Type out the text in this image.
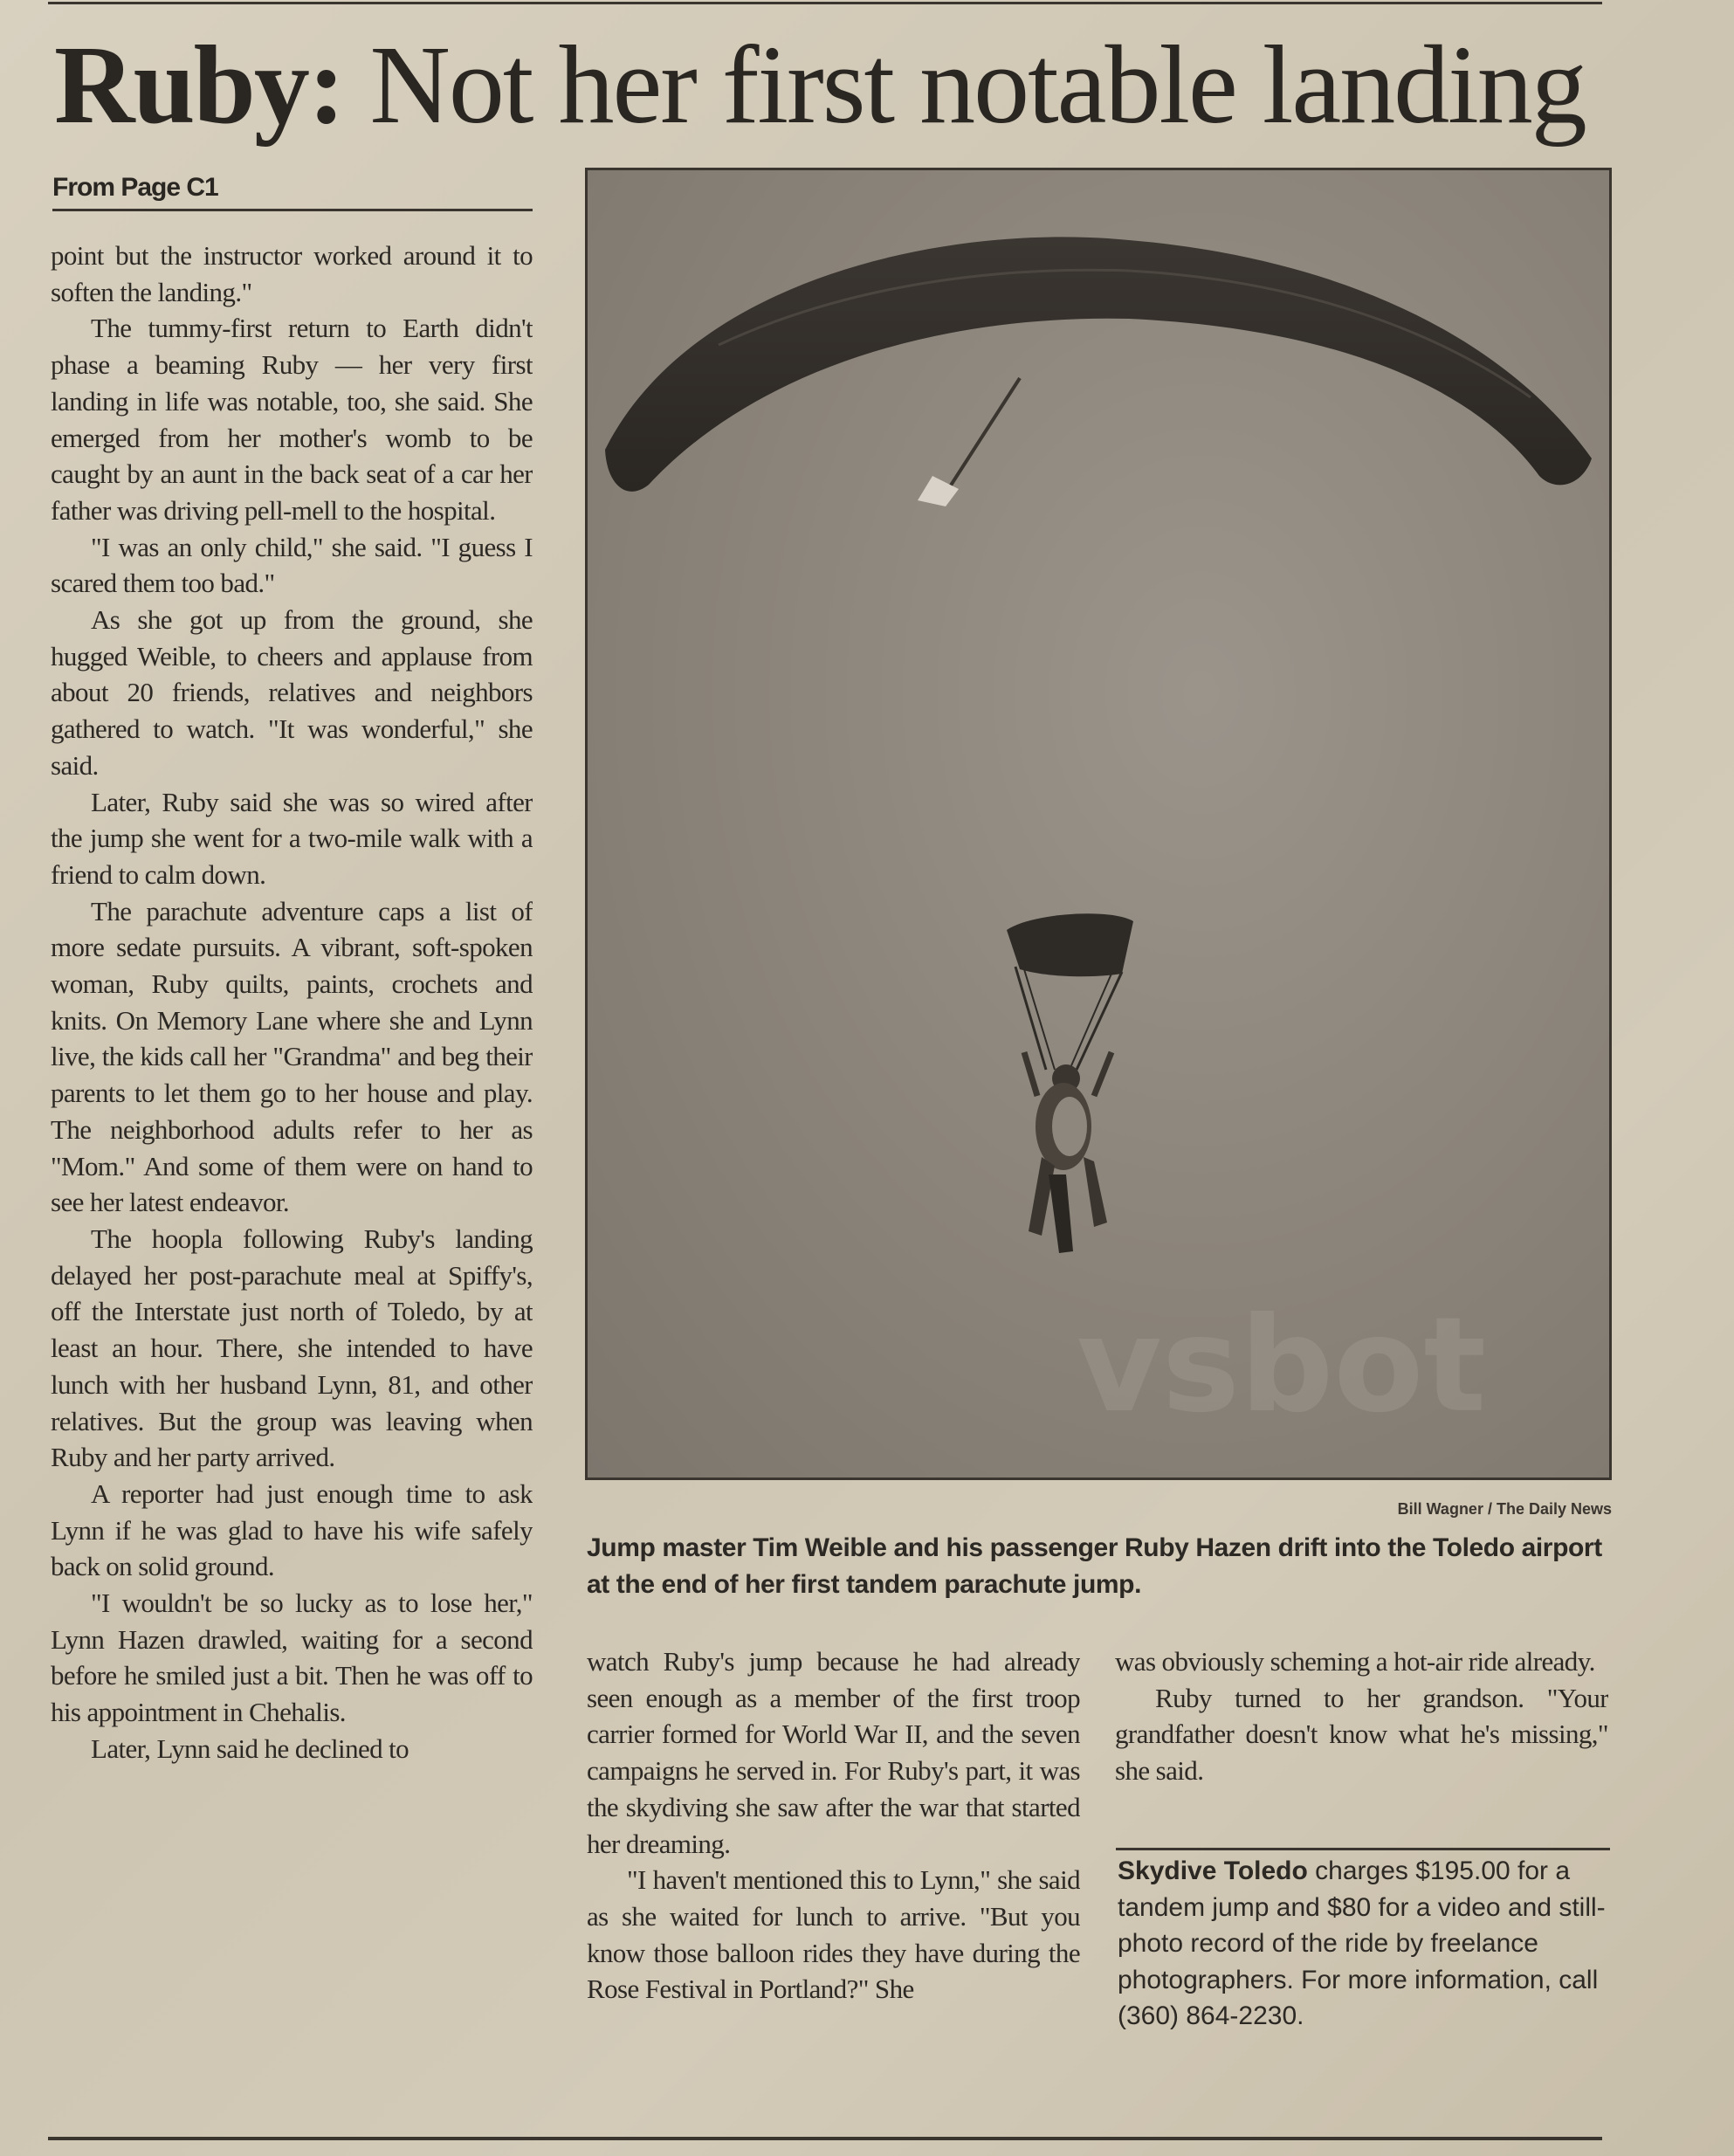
Ruby: Not her first notable landing
From Page C1

point but the instructor worked around it to soften the landing."

The tummy-first return to Earth didn't phase a beaming Ruby — her very first landing in life was notable, too, she said. She emerged from her mother's womb to be caught by an aunt in the back seat of a car her father was driving pell-mell to the hospital.

"I was an only child," she said. "I guess I scared them too bad."

As she got up from the ground, she hugged Weible, to cheers and applause from about 20 friends, relatives and neighbors gathered to watch. "It was wonderful," she said.

Later, Ruby said she was so wired after the jump she went for a two-mile walk with a friend to calm down.

The parachute adventure caps a list of more sedate pursuits. A vibrant, soft-spoken woman, Ruby quilts, paints, crochets and knits. On Memory Lane where she and Lynn live, the kids call her "Grandma" and beg their parents to let them go to her house and play. The neighborhood adults refer to her as "Mom." And some of them were on hand to see her latest endeavor.

The hoopla following Ruby's landing delayed her post-parachute meal at Spiffy's, off the Interstate just north of Toledo, by at least an hour. There, she intended to have lunch with her husband Lynn, 81, and other relatives. But the group was leaving when Ruby and her party arrived.

A reporter had just enough time to ask Lynn if he was glad to have his wife safely back on solid ground.

"I wouldn't be so lucky as to lose her," Lynn Hazen drawled, waiting for a second before he smiled just a bit. Then he was off to his appointment in Chehalis.

Later, Lynn said he declined to

vsbot
Bill Wagner / The Daily News
Jump master Tim Weible and his passenger Ruby Hazen drift into the Toledo airport at the end of her first tandem parachute jump.

watch Ruby's jump because he had already seen enough as a member of the first troop carrier formed for World War II, and the seven campaigns he served in. For Ruby's part, it was the skydiving she saw after the war that started her dreaming.

"I haven't mentioned this to Lynn," she said as she waited for lunch to arrive. "But you know those balloon rides they have during the Rose Festival in Portland?" She

was obviously scheming a hot-air ride already.

Ruby turned to her grandson. "Your grandfather doesn't know what he's missing," she said.

Skydive Toledo charges $195.00 for a tandem jump and $80 for a video and still-photo record of the ride by freelance photographers. For more information, call (360) 864-2230.
